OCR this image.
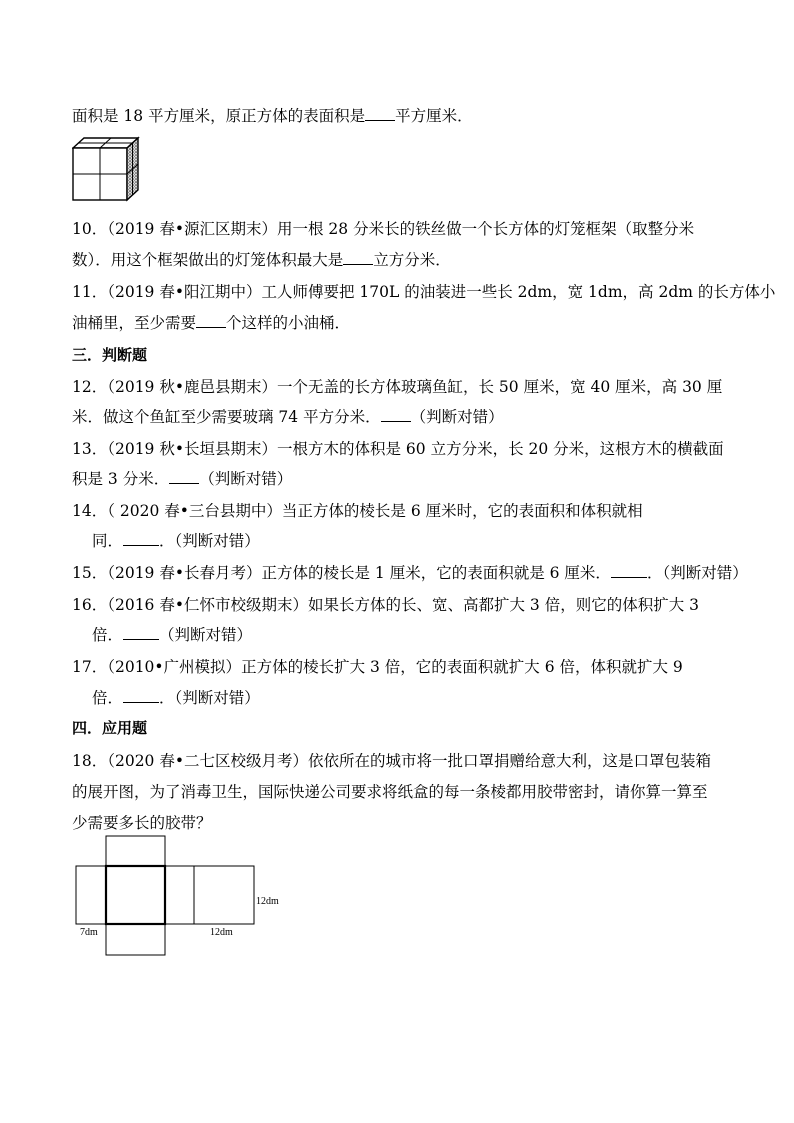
面积是 18 平方厘米，原正方体的表面积是 平方厘米．
10．（2019 春•源汇区期末）用一根 28 分米长的铁丝做一个长方体的灯笼框架（取整分米
数）．用这个框架做出的灯笼体积最大是 立方分米．
11．（2019 春•阳江期中）工人师傅要把 170L 的油装进一些长 2dm，宽 1dm，高 2dm 的长方体小
油桶里，至少需要 个这样的小油桶．
三．判断题
12．（2019 秋•鹿邑县期末）一个无盖的长方体玻璃鱼缸，长 50 厘米，宽 40 厘米，高 30 厘
米．做这个鱼缸至少需要玻璃 74 平方分米． （判断对错）
13．（2019 秋•长垣县期末）一根方木的体积是 60 立方分米，长 20 分米，这根方木的横截面
积是 3 分米． （判断对错）
14．（ 2020 春•三台县期中）当正方体的棱长是 6 厘米时，它的表面积和体积就相
同． ．（判断对错）
15．（2019 春•长春月考）正方体的棱长是 1 厘米，它的表面积就是 6 厘米． ．（判断对错）
16．（2016 春•仁怀市校级期末）如果长方体的长、宽、高都扩大 3 倍，则它的体积扩大 3
倍． （判断对错）
17．（2010•广州模拟）正方体的棱长扩大 3 倍，它的表面积就扩大 6 倍，体积就扩大 9
倍． ．（判断对错）
四．应用题
18．（2020 春•二七区校级月考）依依所在的城市将一批口罩捐赠给意大利，这是口罩包装箱
的展开图，为了消毒卫生，国际快递公司要求将纸盒的每一条棱都用胶带密封，请你算一算至
少需要多长的胶带？
12dm
7dm	12dm
